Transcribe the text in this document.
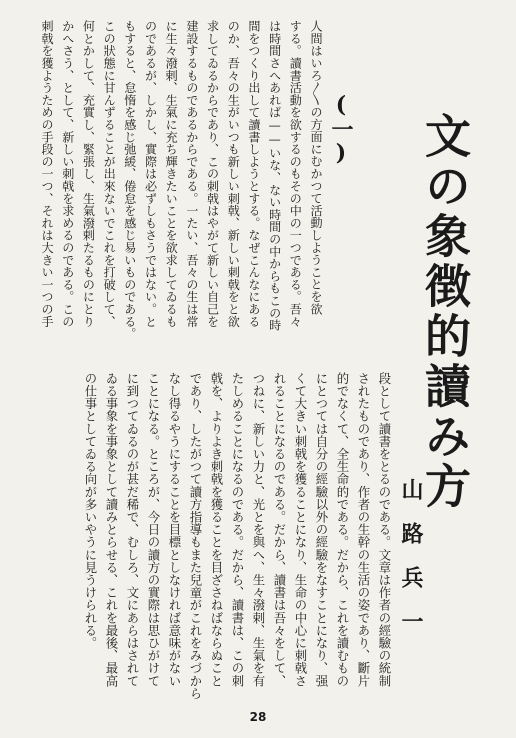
文の象徴的讀み方
山路兵一
(一)
人間はいろ〳〵の方面にむかつて活動しようことを欲
する。讀書活動を欲するのもその中の一つである。吾々
は時間さへあれば——いな、ない時間の中からもこの時
間をつくり出して讀書しようとする。なぜこんなにある
のか、吾々の生がいつも新しい刺戟、新しい刺戟をと欲
求してゐるからであり、この刺戟はやがて新しい自己を
建設するものであるからである。一たい、吾々の生は常
に生々潑剌、生氣に充ち輝きたいことを欲求してゐるも
のであるが、しかし、實際は必ずしもさうではない。と
もすると、怠惰を感じ弛緩、倦怠を感じ易いものである。
この狀態に甘んずることが出來ないでこれを打破して、
何とかして、充實し、緊張し、生氣潑剌たるものにとり
かへさう、として、新しい刺戟を求めるのである。この
刺戟を獲ようための手段の一つ、それは大きい一つの手
段として讀書をとるのである。文章は作者の經驗の統制
されたものであり、作者の生幹の生活の姿であり、斷片
的でなくて、全生命的である。だから、これを讀むもの
にとつては自分の經驗以外の經驗をなすことになり、强
くて大きい刺戟を獲ることになり、生命の中心に刺戟さ
れることになるのである。だから、讀書は吾々をして、
つねに、新しい力と、光とを與へ、生々潑剌、生氣を有
たしめることになるのである。だから、讀書は、この刺
戟を、よりよき刺戟を獲ることを目ざさねばならぬこと
であり、したがつて讀方指導もまた兒童がこれをみづから
なし得るやうにすることを目標としなければ意味がない
ことになる。ところが、今日の讀方の實際は思ひがけて
に到つてゐるのが甚だ稀で、むしろ、文にあらはされて
ゐる事象を事象として讀みとらせる、これを最後、最高
の仕事としてゐる向が多いやうに見うけられる。
28
